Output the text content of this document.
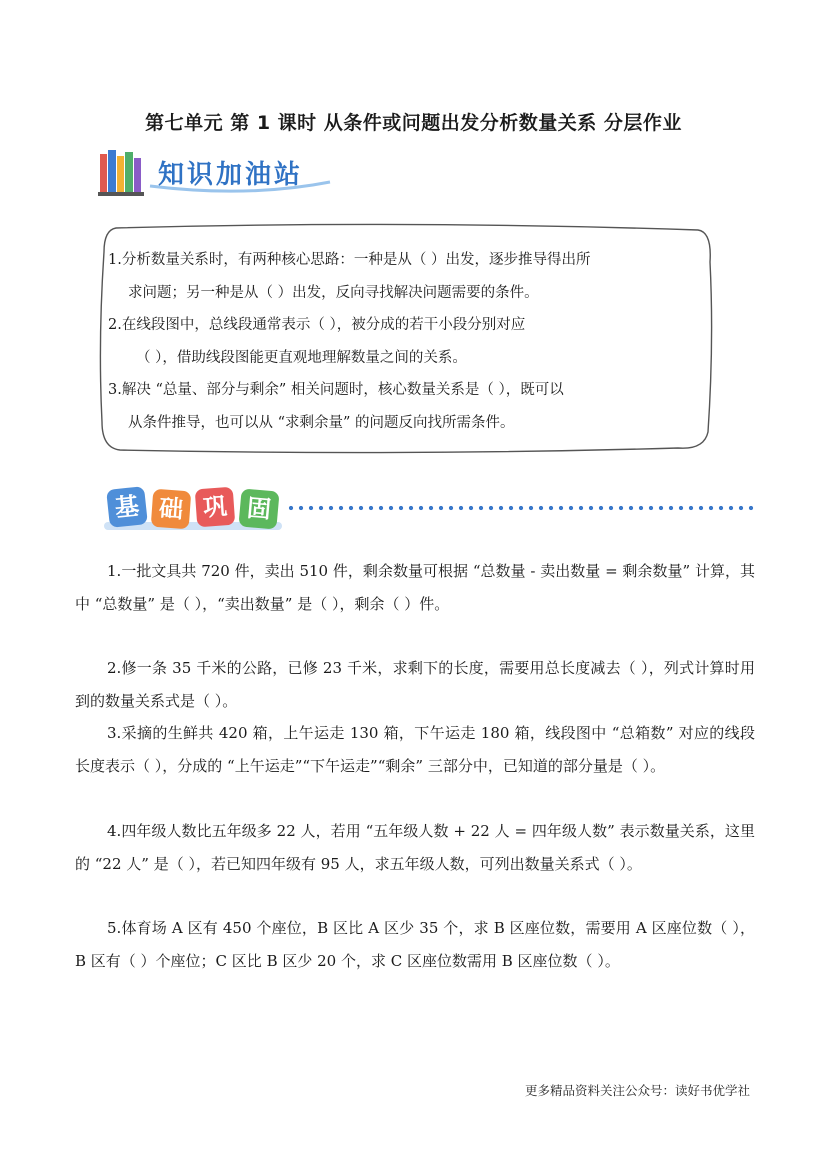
第七单元 第 1 课时 从条件或问题出发分析数量关系 分层作业
知识加油站

1.分析数量关系时，有两种核心思路：一种是从（ ）出发，逐步推导得出所

求问题；另一种是从（ ）出发，反向寻找解决问题需要的条件。

2.在线段图中，总线段通常表示（ ），被分成的若干小段分别对应

（ ），借助线段图能更直观地理解数量之间的关系。

3.解决 “总量、部分与剩余” 相关问题时，核心数量关系是（ ），既可以

从条件推导，也可以从 “求剩余量” 的问题反向找所需条件。

基 础 巩 固

1.一批文具共 720 件，卖出 510 件，剩余数量可根据 “总数量 - 卖出数量 = 剩余数量” 计算，其中 “总数量” 是（ ），“卖出数量” 是（ ），剩余（ ）件。

2.修一条 35 千米的公路，已修 23 千米，求剩下的长度，需要用总长度减去（ ），列式计算时用到的数量关系式是（ ）。

3.采摘的生鲜共 420 箱，上午运走 130 箱，下午运走 180 箱，线段图中 “总箱数” 对应的线段长度表示（ ），分成的 “上午运走”“下午运走”“剩余” 三部分中，已知道的部分量是（ ）。

4.四年级人数比五年级多 22 人，若用 “五年级人数 + 22 人 = 四年级人数” 表示数量关系，这里的 “22 人” 是（ ），若已知四年级有 95 人，求五年级人数，可列出数量关系式（ ）。

5.体育场 A 区有 450 个座位，B 区比 A 区少 35 个，求 B 区座位数，需要用 A 区座位数（ ），B 区有（ ）个座位；C 区比 B 区少 20 个，求 C 区座位数需用 B 区座位数（ ）。

更多精品资料关注公众号：读好书优学社
